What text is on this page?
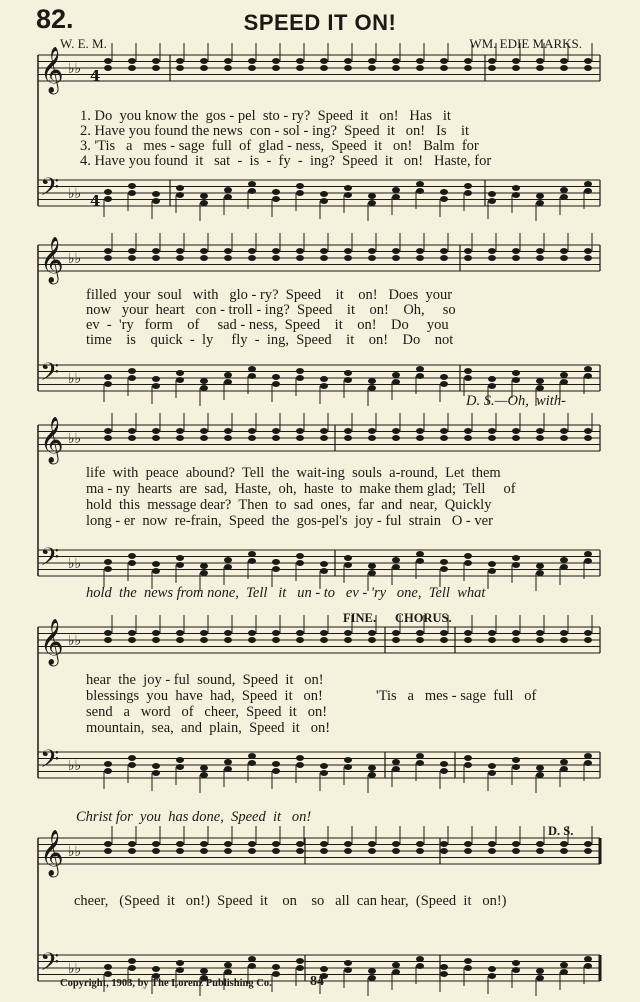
82.	SPEED IT ON!
W. E. M.	WM. EDIE MARKS.
𝄞 ♭♭ 4
𝄢 ♭♭ 4
𝄞 ♭♭
𝄢 ♭♭
𝄞 ♭♭
𝄢 ♭♭
𝄞 ♭♭
𝄢 ♭♭
𝄞 ♭♭
𝄢 ♭♭
1. Do  you know the  gos - pel  sto - ry?  Speed  it   on!   Has   it
2. Have you found the news  con - sol - ing?  Speed  it   on!   Is    it
3. 'Tis   a   mes - sage  full  of  glad - ness,  Speed  it   on!   Balm  for
4. Have you found  it   sat  -  is  -  fy  -  ing?  Speed  it   on!   Haste, for
filled  your  soul   with   glo - ry?  Speed    it    on!   Does  your
now   your  heart   con - troll - ing?  Speed    it    on!    Oh,     so
ev  -  'ry   form    of     sad - ness,  Speed    it    on!    Do     you
time    is    quick  -  ly     fly  -  ing,  Speed    it    on!    Do    not
D. S.—Oh,  with-
life  with  peace  abound?  Tell  the  wait-ing  souls  a-round,  Let  them
ma - ny  hearts  are  sad,  Haste,  oh,  haste  to  make them glad;  Tell     of
hold  this  message dear?  Then  to  sad  ones,  far  and  near,  Quickly
long - er  now  re-frain,  Speed  the  gos-pel's  joy - ful  strain   O - ver
hold  the  news from none,  Tell   it   un - to   ev - 'ry   one,  Tell  what
FINE. CHORUS.
hear  the  joy - ful  sound,  Speed  it   on!
blessings  you  have  had,  Speed  it   on!
send   a   word   of   cheer,  Speed  it   on!
mountain,  sea,  and  plain,  Speed  it   on!
'Tis   a   mes - sage  full   of
Christ for  you  has done,  Speed  it   on!
D. S.
cheer,   (Speed  it   on!)  Speed  it    on    so   all  can hear,  (Speed  it   on!)
Copyright, 1903, by The Lorenz Publishing Co.	84
